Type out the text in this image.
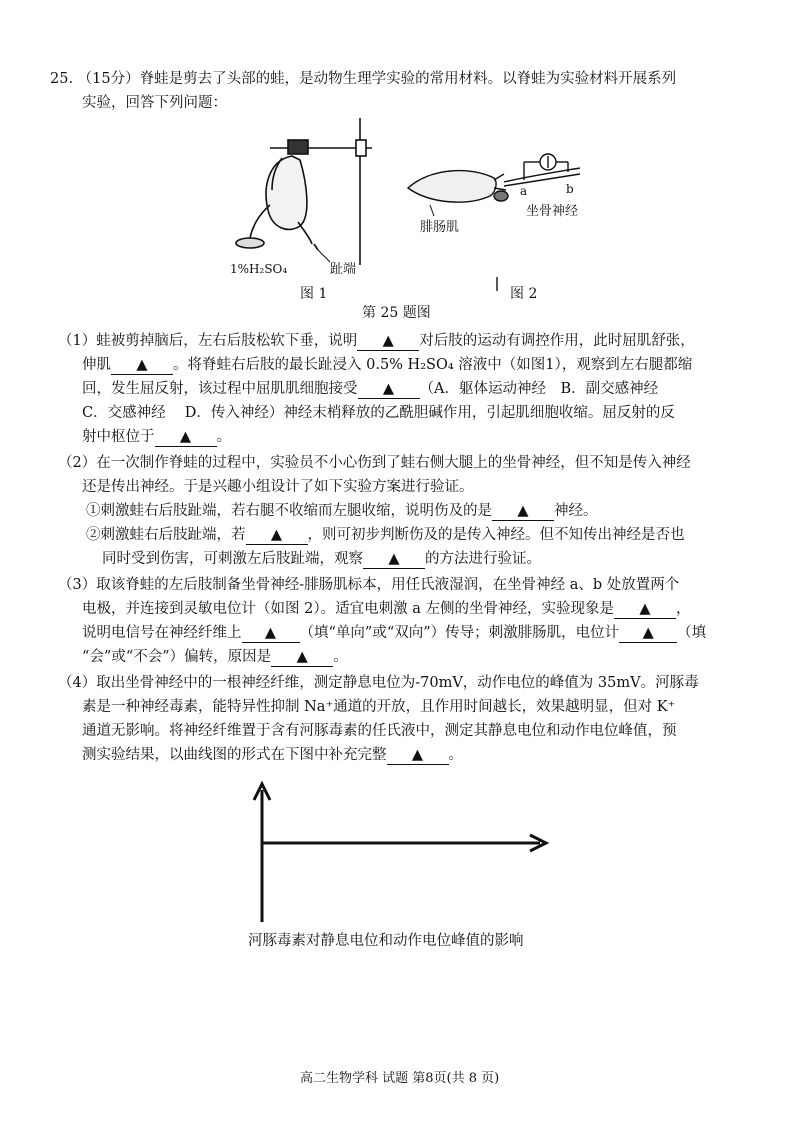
25. （15分）脊蛙是剪去了头部的蛙，是动物生理学实验的常用材料。以脊蛙为实验材料开展系列
实验，回答下列问题：
1%H₂SO₄	趾端
图 1
腓肠肌
a	b
坐骨神经
图 2
第 25 题图
（1）蛙被剪掉脑后，左右后肢松软下垂，说明 ▲ 对后肢的运动有调控作用，此时屈肌舒张，
伸肌 ▲ 。将脊蛙右后肢的最长趾浸入 0.5% H₂SO₄ 溶液中（如图1），观察到左右腿都缩
回，发生屈反射，该过程中屈肌肌细胞接受 ▲ （A．躯体运动神经　B．副交感神经
C．交感神经　 D．传入神经）神经末梢释放的乙酰胆碱作用，引起肌细胞收缩。屈反射的反
射中枢位于 ▲ 。
（2）在一次制作脊蛙的过程中，实验员不小心伤到了蛙右侧大腿上的坐骨神经，但不知是传入神经
还是传出神经。于是兴趣小组设计了如下实验方案进行验证。
①刺激蛙右后肢趾端，若右腿不收缩而左腿收缩，说明伤及的是 ▲ 神经。
②刺激蛙右后肢趾端，若 ▲ ，则可初步判断伤及的是传入神经。但不知传出神经是否也
同时受到伤害，可刺激左后肢趾端，观察 ▲ 的方法进行验证。
（3）取该脊蛙的左后肢制备坐骨神经-腓肠肌标本，用任氏液湿润，在坐骨神经 a、b 处放置两个
电极，并连接到灵敏电位计（如图 2）。适宜电刺激 a 左侧的坐骨神经，实验现象是 ▲ ，
说明电信号在神经纤维上 ▲ （填“单向”或“双向”）传导；刺激腓肠肌，电位计 ▲ （填
“会”或“不会”）偏转，原因是 ▲ 。
（4）取出坐骨神经中的一根神经纤维，测定静息电位为-70mV，动作电位的峰值为 35mV。河豚毒
素是一种神经毒素，能特异性抑制 Na⁺通道的开放，且作用时间越长，效果越明显，但对 K⁺
通道无影响。将神经纤维置于含有河豚毒素的任氏液中，测定其静息电位和动作电位峰值，预
测实验结果，以曲线图的形式在下图中补充完整 ▲ 。
河豚毒素对静息电位和动作电位峰值的影响
高二生物学科 试题 第8页(共 8 页)
